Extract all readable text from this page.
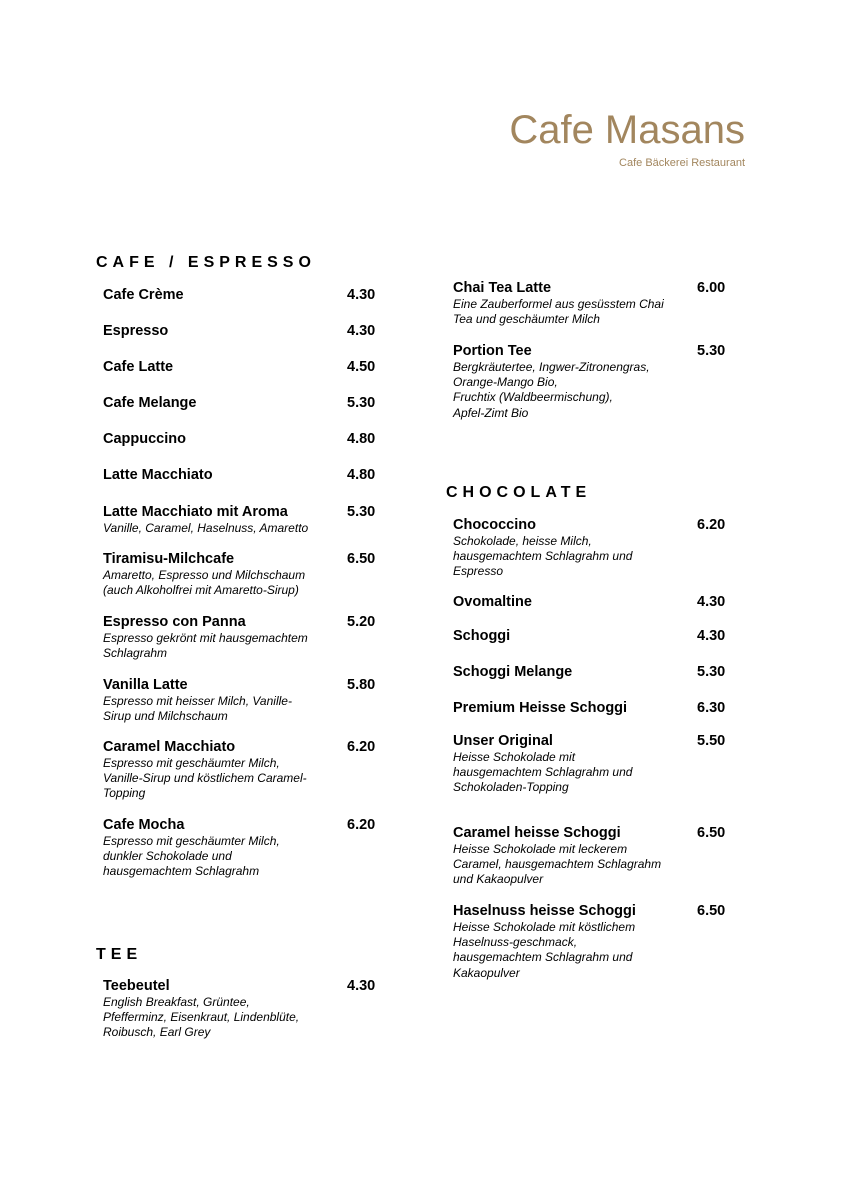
Cafe Masans
Cafe Bäckerei Restaurant
CAFE / ESPRESSO
Cafe Crème	4.30
Espresso	4.30
Cafe Latte	4.50
Cafe Melange	5.30
Cappuccino	4.80
Latte Macchiato	4.80
Latte Macchiato mit Aroma	5.30
Vanille, Caramel, Haselnuss, Amaretto
Tiramisu-Milchcafe	6.50
Amaretto, Espresso und Milchschaum
(auch Alkoholfrei mit Amaretto-Sirup)
Espresso con Panna	5.20
Espresso gekrönt mit hausgemachtem
Schlagrahm
Vanilla Latte	5.80
Espresso mit heisser Milch, Vanille-
Sirup und Milchschaum
Caramel Macchiato	6.20
Espresso mit geschäumter Milch,
Vanille-Sirup und köstlichem Caramel-
Topping
Cafe Mocha	6.20
Espresso mit geschäumter Milch,
dunkler Schokolade und
hausgemachtem Schlagrahm
TEE
Teebeutel	4.30
English Breakfast, Grüntee,
Pfefferminz, Eisenkraut, Lindenblüte,
Roibusch, Earl Grey
Chai Tea Latte	6.00
Eine Zauberformel aus gesüsstem Chai
Tea und geschäumter Milch
Portion Tee	5.30
Bergkräutertee, Ingwer-Zitronengras,
Orange-Mango Bio,
Fruchtix (Waldbeermischung),
Apfel-Zimt Bio
CHOCOLATE
Chococcino	6.20
Schokolade, heisse Milch,
hausgemachtem Schlagrahm und
Espresso
Ovomaltine	4.30
Schoggi	4.30
Schoggi Melange	5.30
Premium Heisse Schoggi	6.30
Unser Original	5.50
Heisse Schokolade mit
hausgemachtem Schlagrahm und
Schokoladen-Topping
Caramel heisse Schoggi	6.50
Heisse Schokolade mit leckerem
Caramel, hausgemachtem Schlagrahm
und Kakaopulver
Haselnuss heisse Schoggi	6.50
Heisse Schokolade mit köstlichem
Haselnuss-geschmack,
hausgemachtem Schlagrahm und
Kakaopulver
